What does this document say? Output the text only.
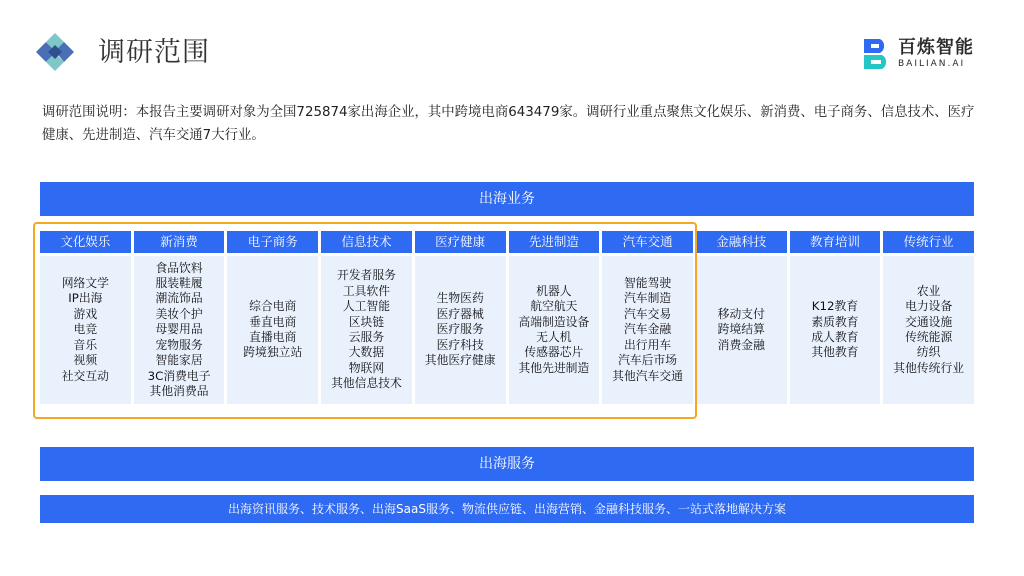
调研范围	百炼智能
BAILIAN.AI

调研范围说明：本报告主要调研对象为全国725874家出海企业，其中跨境电商643479家。调研行业重点聚焦文化娱乐、新消费、电子商务、信息技术、医疗健康、先进制造、汽车交通7大行业。

出海业务
文化娱乐
网络文学
IP出海
游戏
电竞
音乐
视频
社交互动
新消费
食品饮料
服装鞋履
潮流饰品
美妆个护
母婴用品
宠物服务
智能家居
3C消费电子
其他消费品
电子商务
综合电商
垂直电商
直播电商
跨境独立站
信息技术
开发者服务
工具软件
人工智能
区块链
云服务
大数据
物联网
其他信息技术
医疗健康
生物医药
医疗器械
医疗服务
医疗科技
其他医疗健康
先进制造
机器人
航空航天
高端制造设备
无人机
传感器芯片
其他先进制造
汽车交通
智能驾驶
汽车制造
汽车交易
汽车金融
出行用车
汽车后市场
其他汽车交通
金融科技
移动支付
跨境结算
消费金融
教育培训
K12教育
素质教育
成人教育
其他教育
传统行业
农业
电力设备
交通设施
传统能源
纺织
其他传统行业
出海服务
出海资讯服务、技术服务、出海SaaS服务、物流供应链、出海营销、金融科技服务、一站式落地解决方案
